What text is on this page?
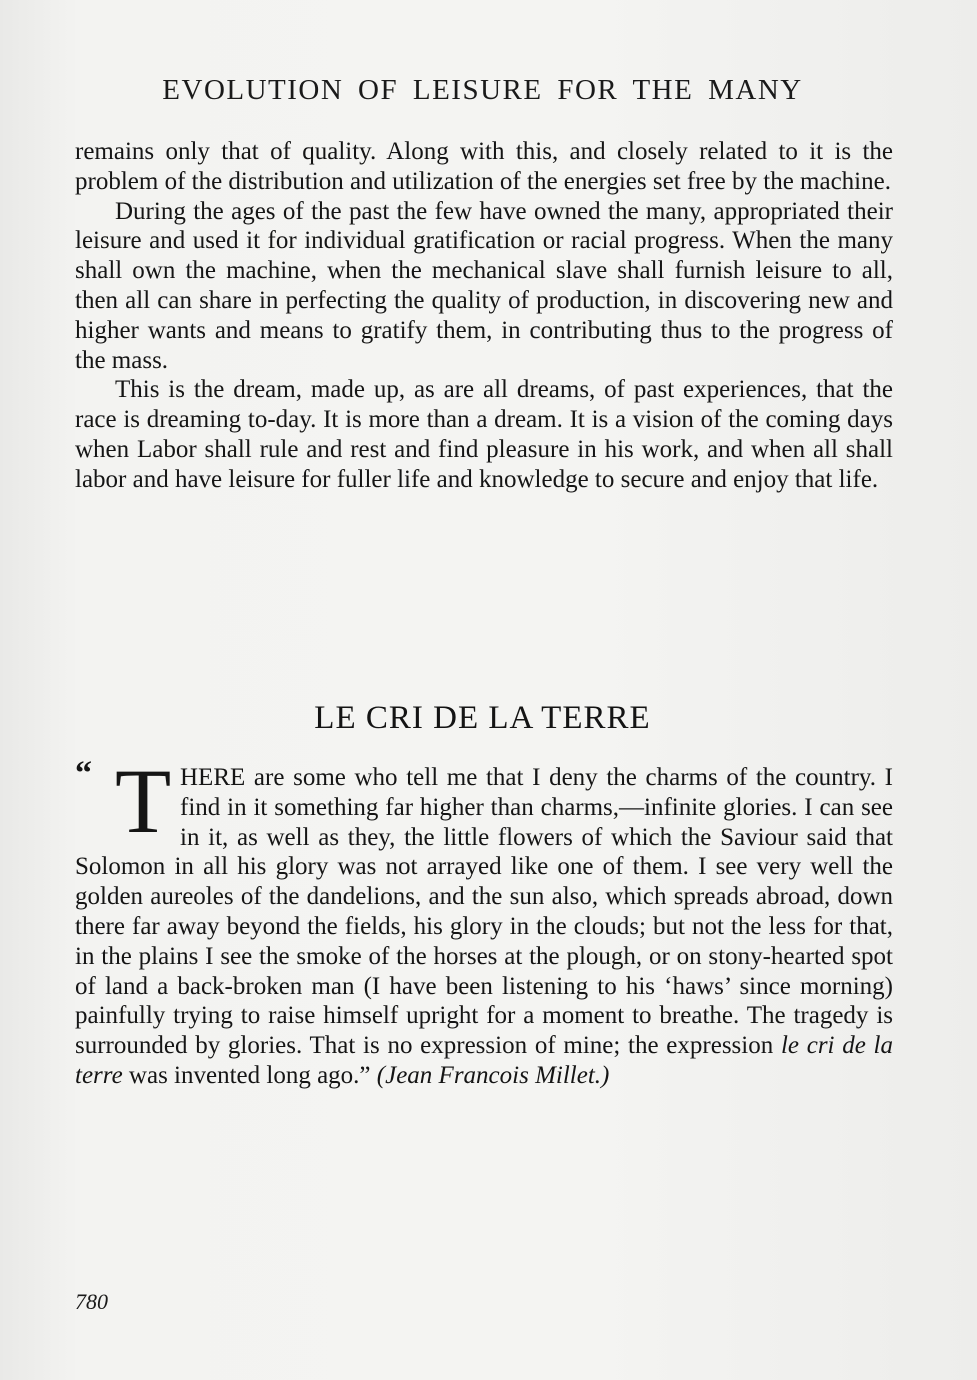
EVOLUTION OF LEISURE FOR THE MANY

remains only that of quality. Along with this, and closely related to it is the problem of the distribution and utilization of the energies set free by the machine.

During the ages of the past the few have owned the many, appropriated their leisure and used it for individual gratification or racial progress. When the many shall own the machine, when the mechanical slave shall furnish leisure to all, then all can share in perfecting the quality of production, in discovering new and higher wants and means to gratify them, in contributing thus to the progress of the mass.

This is the dream, made up, as are all dreams, of past experiences, that the race is dreaming to-day. It is more than a dream. It is a vision of the coming days when Labor shall rule and rest and find pleasure in his work, and when all shall labor and have leisure for fuller life and knowledge to secure and enjoy that life.

LE CRI DE LA TERRE

“ T HERE are some who tell me that I deny the charms of the country. I find in it something far higher than charms,—infinite glories. I can see in it, as well as they, the little flowers of which the Saviour said that Solomon in all his glory was not arrayed like one of them. I see very well the golden aureoles of the dandelions, and the sun also, which spreads abroad, down there far away beyond the fields, his glory in the clouds; but not the less for that, in the plains I see the smoke of the horses at the plough, or on stony-hearted spot of land a back-broken man (I have been listening to his ‘haws’ since morning) painfully trying to raise himself upright for a moment to breathe. The tragedy is surrounded by glories. That is no expression of mine; the expression le cri de la terre was invented long ago.” (Jean Francois Millet.)

780
